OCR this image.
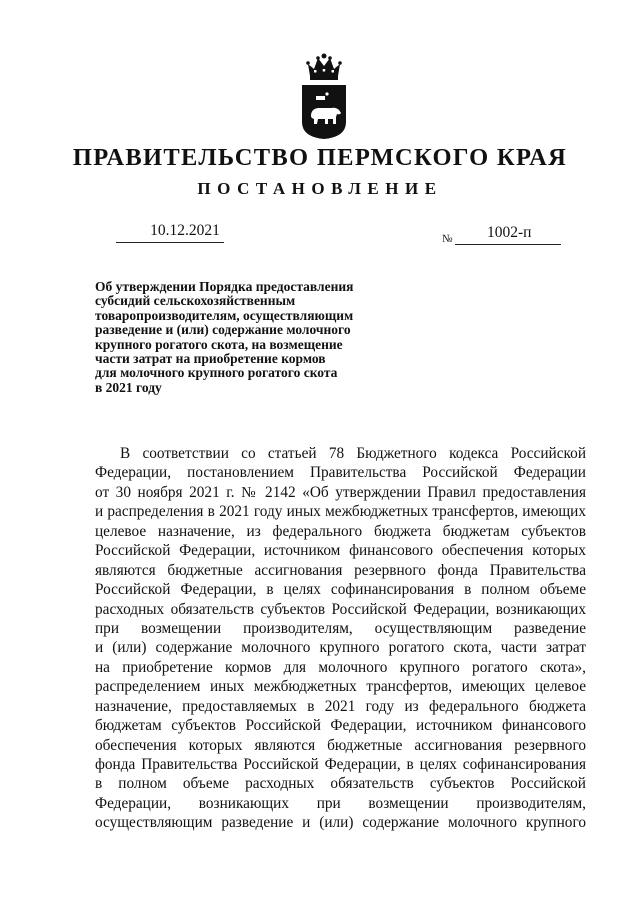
ПРАВИТЕЛЬСТВО ПЕРМСКОГО КРАЯ
ПОСТАНОВЛЕНИЕ
10.12.2021	№ 1002-п
Об утверждении Порядка предоставления
субсидий сельскохозяйственным
товаропроизводителям, осуществляющим
разведение и (или) содержание молочного
крупного рогатого скота, на возмещение
части затрат на приобретение кормов
для молочного крупного рогатого скота
в 2021 году
В соответствии со статьей 78 Бюджетного кодекса Российской
Федерации, постановлением Правительства Российской Федерации
от 30 ноября 2021 г. № 2142 «Об утверждении Правил предоставления
и распределения в 2021 году иных межбюджетных трансфертов, имеющих
целевое назначение, из федерального бюджета бюджетам субъектов
Российской Федерации, источником финансового обеспечения которых
являются бюджетные ассигнования резервного фонда Правительства
Российской Федерации, в целях софинансирования в полном объеме
расходных обязательств субъектов Российской Федерации, возникающих
при возмещении производителям, осуществляющим разведение
и (или) содержание молочного крупного рогатого скота, части затрат
на приобретение кормов для молочного крупного рогатого скота»,
распределением иных межбюджетных трансфертов, имеющих целевое
назначение, предоставляемых в 2021 году из федерального бюджета
бюджетам субъектов Российской Федерации, источником финансового
обеспечения которых являются бюджетные ассигнования резервного
фонда Правительства Российской Федерации, в целях софинансирования
в полном объеме расходных обязательств субъектов Российской
Федерации, возникающих при возмещении производителям,
осуществляющим разведение и (или) содержание молочного крупного
